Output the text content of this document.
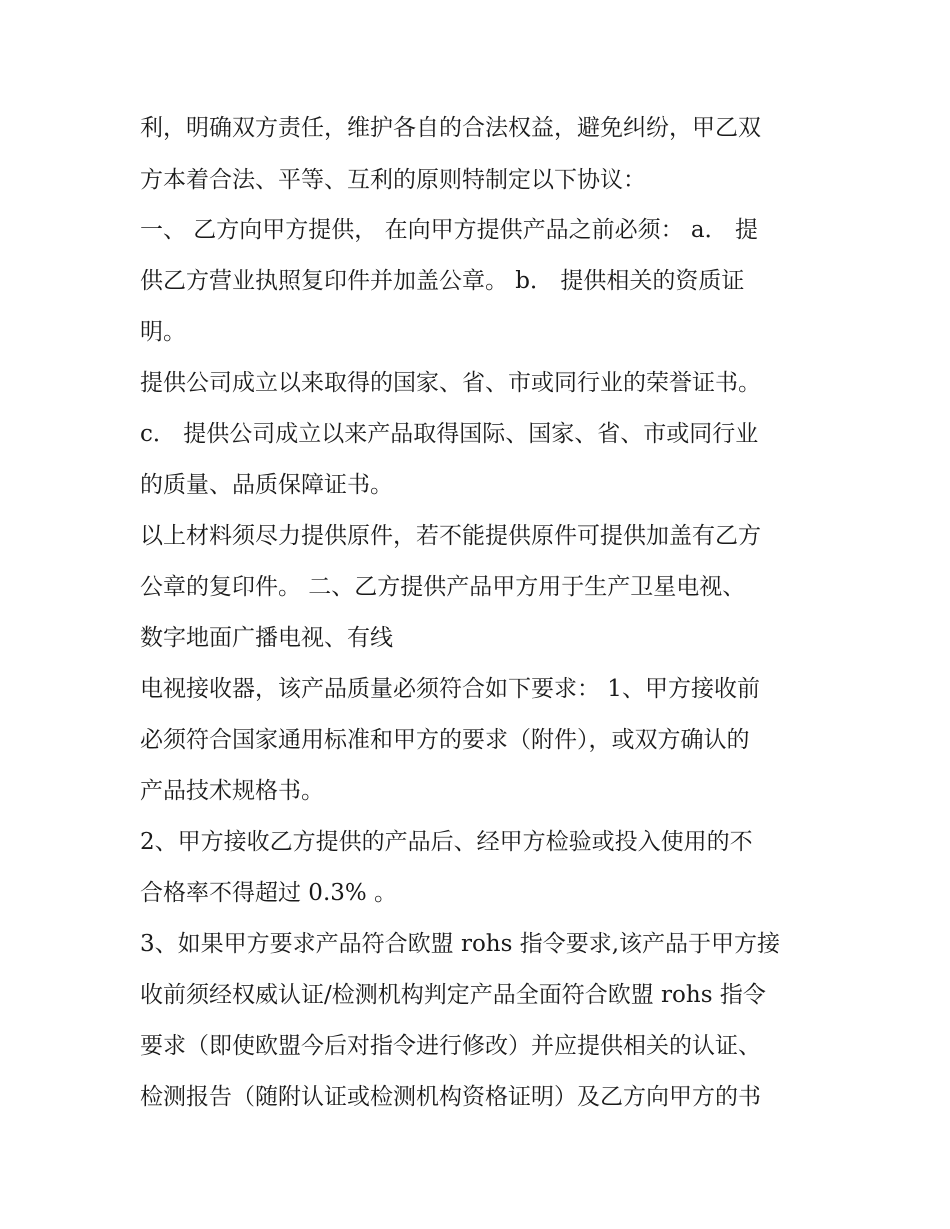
利，明确双方责任，维护各自的合法权益，避免纠纷，甲乙双
方本着合法、平等、互利的原则特制定以下协议：
一、 乙方向甲方提供， 在向甲方提供产品之前必须： a． 提
供乙方营业执照复印件并加盖公章。 b． 提供相关的资质证
明。
提供公司成立以来取得的国家、省、市或同行业的荣誉证书。
c． 提供公司成立以来产品取得国际、国家、省、市或同行业
的质量、品质保障证书。
以上材料须尽力提供原件，若不能提供原件可提供加盖有乙方
公章的复印件。 二、乙方提供产品甲方用于生产卫星电视、
数字地面广播电视、有线
电视接收器，该产品质量必须符合如下要求： 1、甲方接收前
必须符合国家通用标准和甲方的要求（附件），或双方确认的
产品技术规格书。
2、甲方接收乙方提供的产品后、经甲方检验或投入使用的不
合格率不得超过 0.3% 。
3、如果甲方要求产品符合欧盟 rohs 指令要求,该产品于甲方接
收前须经权威认证/检测机构判定产品全面符合欧盟 rohs 指令
要求（即使欧盟今后对指令进行修改）并应提供相关的认证、
检测报告（随附认证或检测机构资格证明）及乙方向甲方的书
